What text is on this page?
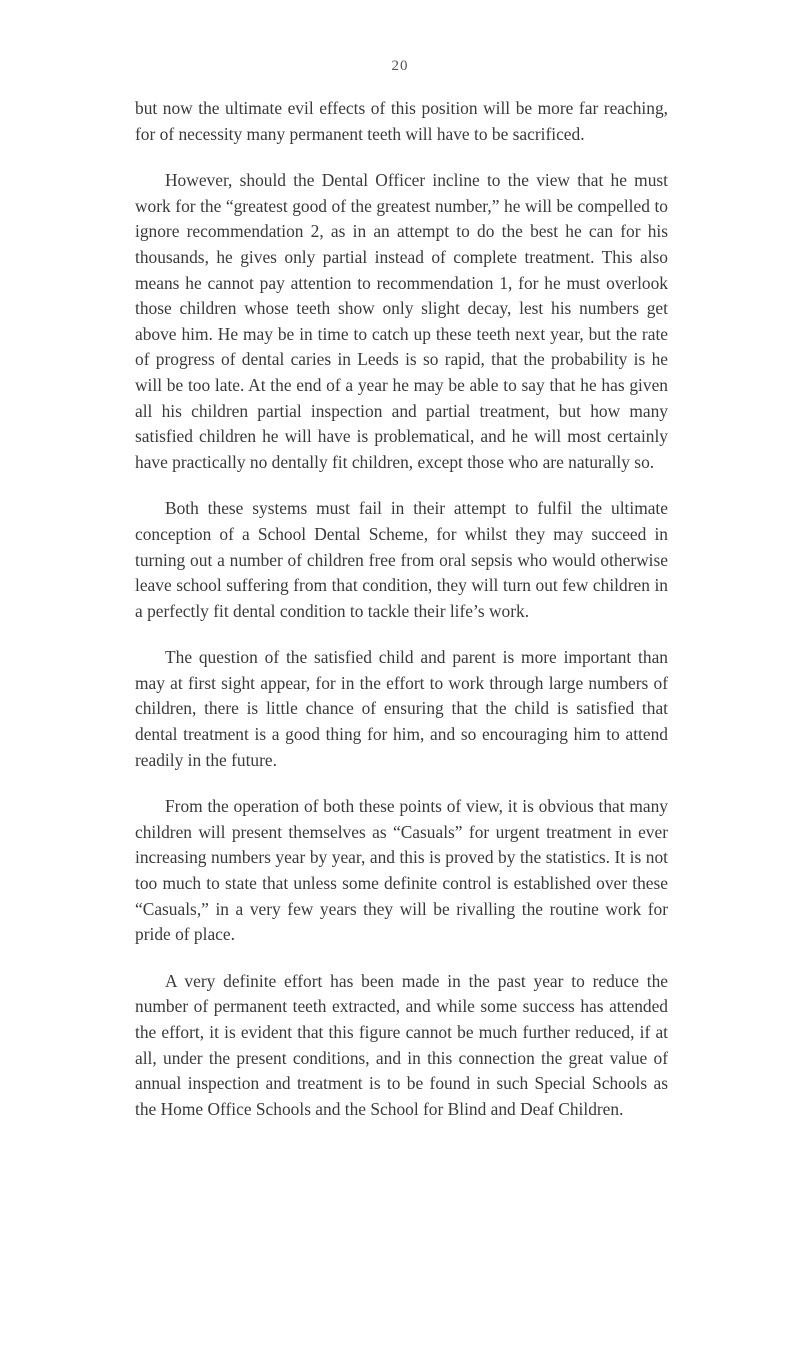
20

but now the ultimate evil effects of this position will be more far reaching, for of necessity many permanent teeth will have to be sacrificed.

However, should the Dental Officer incline to the view that he must work for the “greatest good of the greatest number,” he will be compelled to ignore recommendation 2, as in an attempt to do the best he can for his thousands, he gives only partial instead of complete treatment. This also means he cannot pay attention to recommendation 1, for he must overlook those children whose teeth show only slight decay, lest his numbers get above him. He may be in time to catch up these teeth next year, but the rate of progress of dental caries in Leeds is so rapid, that the probability is he will be too late. At the end of a year he may be able to say that he has given all his children partial inspection and partial treatment, but how many satisfied children he will have is problematical, and he will most certainly have practically no dentally fit children, except those who are naturally so.

Both these systems must fail in their attempt to fulfil the ultimate conception of a School Dental Scheme, for whilst they may succeed in turning out a number of children free from oral sepsis who would otherwise leave school suffering from that condition, they will turn out few children in a perfectly fit dental condition to tackle their life’s work.

The question of the satisfied child and parent is more important than may at first sight appear, for in the effort to work through large numbers of children, there is little chance of ensuring that the child is satisfied that dental treatment is a good thing for him, and so encouraging him to attend readily in the future.

From the operation of both these points of view, it is obvious that many children will present themselves as “Casuals” for urgent treatment in ever increasing numbers year by year, and this is proved by the statistics. It is not too much to state that unless some definite control is established over these “Casuals,” in a very few years they will be rivalling the routine work for pride of place.

A very definite effort has been made in the past year to reduce the number of permanent teeth extracted, and while some success has attended the effort, it is evident that this figure cannot be much further reduced, if at all, under the present conditions, and in this connection the great value of annual inspection and treatment is to be found in such Special Schools as the Home Office Schools and the School for Blind and Deaf Children.
